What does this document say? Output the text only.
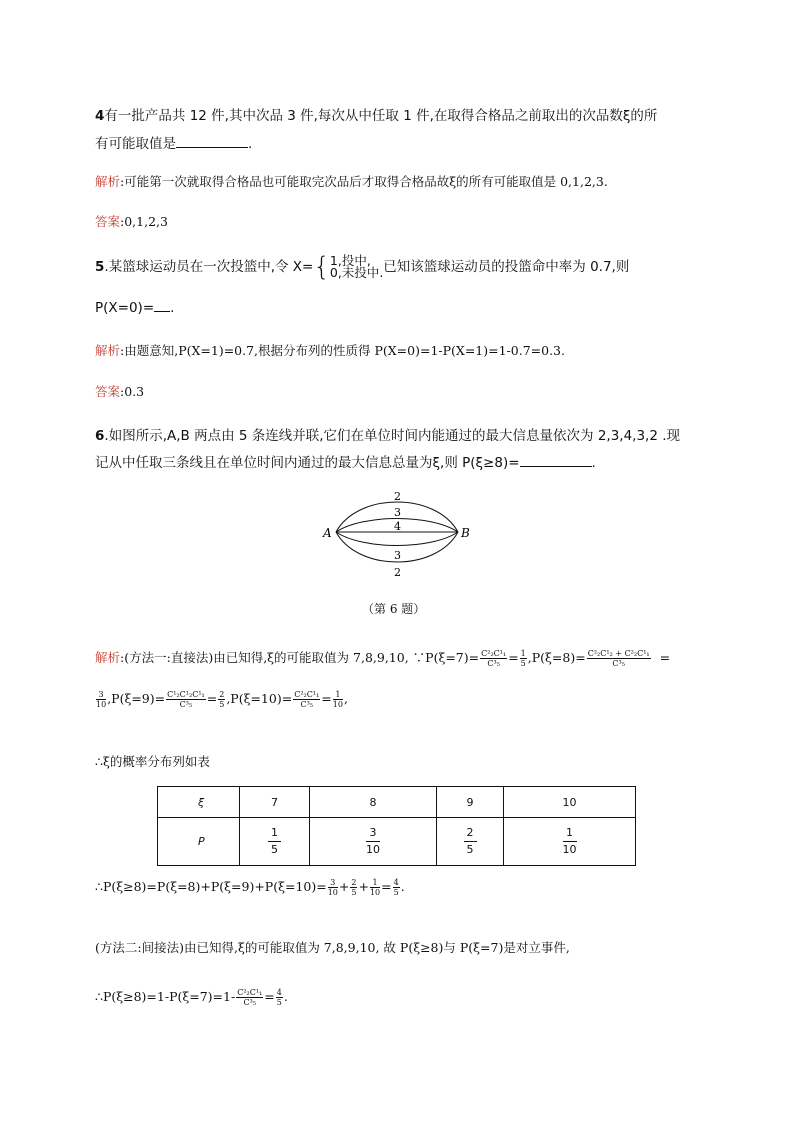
4有一批产品共 12 件,其中次品 3 件,每次从中任取 1 件,在取得合格品之前取出的次品数ξ的所
有可能取值是	.
解析:可能第一次就取得合格品也可能取完次品后才取得合格品故ξ的所有可能取值是 0,1,2,3.
答案:0,1,2,3
5.某篮球运动员在一次投篮中,令 X={ 1,投中,
0,未投中. 已知该篮球运动员的投篮命中率为 0.7,则
P(X=0)= .
解析:由题意知,P(X=1)=0.7,根据分布列的性质得 P(X=0)=1-P(X=1)=1-0.7=0.3.
答案:0.3
6.如图所示,A,B 两点由 5 条连线并联,它们在单位时间内能通过的最大信息量依次为 2,3,4,3,2 .现
记从中任取三条线且在单位时间内通过的最大信息总量为ξ,则 P(ξ≥8)=	.
A	B
2
3
4
3
2
（第 6 题）
解析:(方法一:直接法)由已知得,ξ的可能取值为 7,8,9,10, ∵P(ξ=7)= $\frac{\text{C²₂C¹₁}}{\text{C³₅}} = \frac{1}{5} ,P(\xi=8)= \frac{\text{C²₂C¹₂ + C²₂C¹₁}}{\text{C³₅}}$ =
$\frac{3}{10} ,P(\xi=9)= \frac{\text{C¹₂C¹₂C¹₁}}{\text{C³₅}} = \frac{2}{5} ,P(\xi=10)= \frac{\text{C²₂C¹₁}}{\text{C³₅}} = \frac{1}{10}$ ,
∴ξ的概率分布列如表
ξ	7	8	9	10
P	$\frac{1}{5}$	$\frac{3}{10}$	$\frac{2}{5}$	$\frac{1}{10}$
∴P(ξ≥8)=P(ξ=8)+P(ξ=9)+P(ξ=10)= $\frac{3}{10} + \frac{2}{5} + \frac{1}{10} = \frac{4}{5}$ .
(方法二:间接法)由已知得,ξ的可能取值为 7,8,9,10, 故 P(ξ≥8)与 P(ξ=7)是对立事件,
∴P(ξ≥8)=1-P(ξ=7)=1- $\frac{\text{C²₂C¹₁}}{\text{C³₅}} = \frac{4}{5}$ .
